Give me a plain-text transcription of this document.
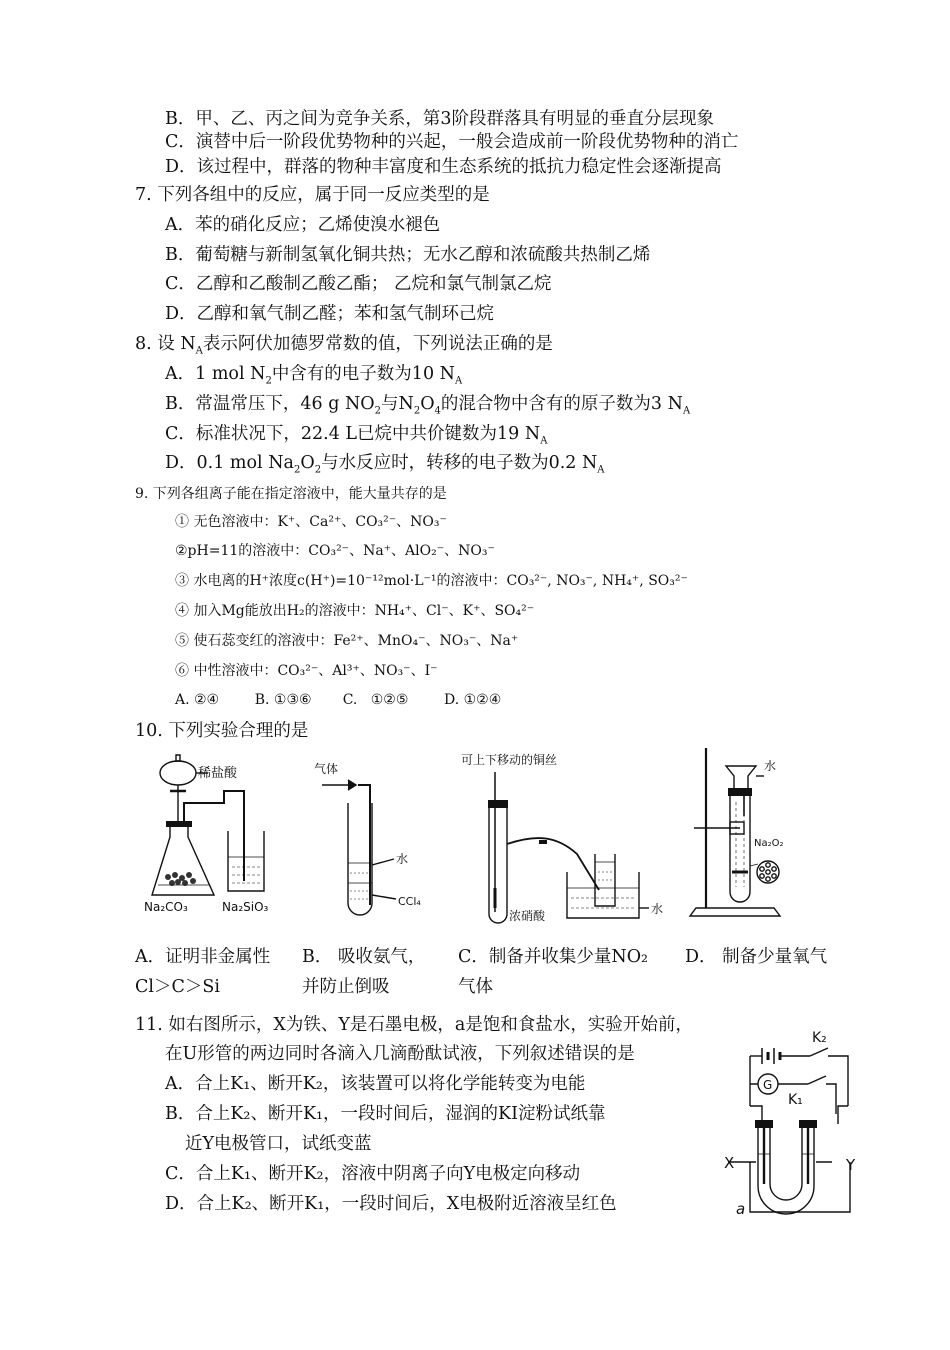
B．甲、乙、丙之间为竞争关系，第3阶段群落具有明显的垂直分层现象
C．演替中后一阶段优势物种的兴起，一般会造成前一阶段优势物种的消亡
D．该过程中，群落的物种丰富度和生态系统的抵抗力稳定性会逐渐提高
7. 下列各组中的反应，属于同一反应类型的是
A．苯的硝化反应；乙烯使溴水褪色
B．葡萄糖与新制氢氧化铜共热；无水乙醇和浓硫酸共热制乙烯
C．乙醇和乙酸制乙酸乙酯； 乙烷和氯气制氯乙烷
D．乙醇和氧气制乙醛；苯和氢气制环己烷
8. 设 $N_A$表示阿伏加德罗常数的值，下列说法正确的是
A．1 mol $N_2$中含有的电子数为10 $N_A$
B．常温常压下，46 g $NO_2$与$N_2O_4$的混合物中含有的原子数为3 $N_A$
C．标准状况下，22.4 L已烷中共价键数为19 $N_A$
D．0.1 mol $Na_2O_2$与水反应时，转移的电子数为0.2 $N_A$
9. 下列各组离子能在指定溶液中，能大量共存的是
① 无色溶液中：K⁺、Ca²⁺、CO₃²⁻、NO₃⁻
②pH=11的溶液中：CO₃²⁻、Na⁺、AlO₂⁻、NO₃⁻
③ 水电离的H⁺浓度c(H⁺)=10⁻¹²mol·L⁻¹的溶液中：CO₃²⁻, NO₃⁻, NH₄⁺, SO₃²⁻
④ 加入Mg能放出H₂的溶液中：NH₄⁺、Cl⁻、K⁺、SO₄²⁻
⑤ 使石蕊变红的溶液中：Fe²⁺、MnO₄⁻、NO₃⁻、Na⁺
⑥ 中性溶液中：CO₃²⁻、Al³⁺、NO₃⁻、I⁻
A. ②④        B. ①③⑥       C.   ①②⑤        D. ①②④
10. 下列实验合理的是
稀盐酸
Na₂CO₃	Na₂SiO₃
气体
水
CCl₄
可上下移动的铜丝
浓硝酸	水
水
Na₂O₂
A．证明非金属性
Cl＞C＞Si
B． 吸收氨气，
并防止倒吸
C．制备并收集少量NO₂
气体
D． 制备少量氧气
11. 如右图所示，X为铁、Y是石墨电极，a是饱和食盐水，实验开始前，
在U形管的两边同时各滴入几滴酚酞试液，下列叙述错误的是
A．合上K₁、断开K₂，该装置可以将化学能转变为电能
B．合上K₂、断开K₁，一段时间后，湿润的KI淀粉试纸靠
近Y电极管口，试纸变蓝
C．合上K₁、断开K₂，溶液中阴离子向Y电极定向移动
D．合上K₂、断开K₁，一段时间后，X电极附近溶液呈红色
K₂
G
K₁
X	Y
a
